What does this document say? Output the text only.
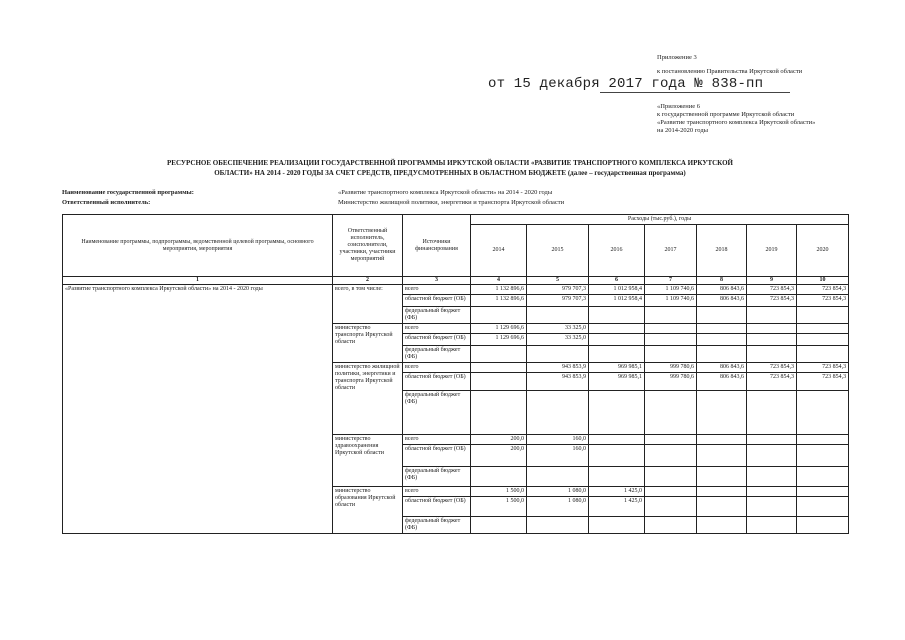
Приложение 3
к постановлению Правительства Иркутской области
от 15 декабря 2017 года № 838-пп
«Приложение 6
к государственной программе Иркутской области
«Развитие транспортного комплекса Иркутской области»
на 2014-2020 годы
РЕСУРСНОЕ ОБЕСПЕЧЕНИЕ РЕАЛИЗАЦИИ ГОСУДАРСТВЕННОЙ ПРОГРАММЫ ИРКУТСКОЙ ОБЛАСТИ «РАЗВИТИЕ ТРАНСПОРТНОГО КОМПЛЕКСА ИРКУТСКОЙ
ОБЛАСТИ» НА 2014 - 2020 ГОДЫ ЗА СЧЕТ СРЕДСТВ, ПРЕДУСМОТРЕННЫХ В ОБЛАСТНОМ БЮДЖЕТЕ (далее – государственная программа)
Наименование государственной программы:	«Развитие транспортного комплекса Иркутской области» на 2014 - 2020 годы
Ответственный исполнитель:	Министерство жилищной политики, энергетики и транспорта Иркутской области
Наименование программы, подпрограммы, ведомственной целевой программы, основного мероприятия, мероприятия	Ответственный исполнитель, соисполнители, участники, участники мероприятий	Источники финансирования	Расходы (тыс.руб.), годы						
			2014	2015	2016	2017	2018	2019	2020
1	2	3	4	5	6	7	8	9	10
«Развитие транспортного комплекса Иркутской области» на 2014 - 2020 годы	всего, в том числе:	всего	1 132 896,6	979 707,3	1 012 958,4	1 109 740,6	806 843,6	723 854,3	723 854,3
		областной бюджет (ОБ)	1 132 896,6	979 707,3	1 012 958,4	1 109 740,6	806 843,6	723 854,3	723 854,3
		федеральный бюджет (ФБ)							
	министерство транспорта Иркутской области	всего	1 129 696,6	33 325,0					
		областной бюджет (ОБ)	1 129 696,6	33 325,0					
		федеральный бюджет (ФБ)							
	министерство жилищной политики, энергетики и транспорта Иркутской области	всего		943 853,9	969 985,1	999 780,6	806 843,6	723 854,3	723 854,3
		областной бюджет (ОБ)		943 853,9	969 985,1	999 780,6	806 843,6	723 854,3	723 854,3
		федеральный бюджет (ФБ)							
	министерство здравоохранения Иркутской области	всего	200,0	160,0					
		областной бюджет (ОБ)	200,0	160,0					
		федеральный бюджет (ФБ)							
	министерство образования Иркутской области	всего	1 500,0	1 080,0	1 425,0				
		областной бюджет (ОБ)	1 500,0	1 080,0	1 425,0				
		федеральный бюджет (ФБ)							
